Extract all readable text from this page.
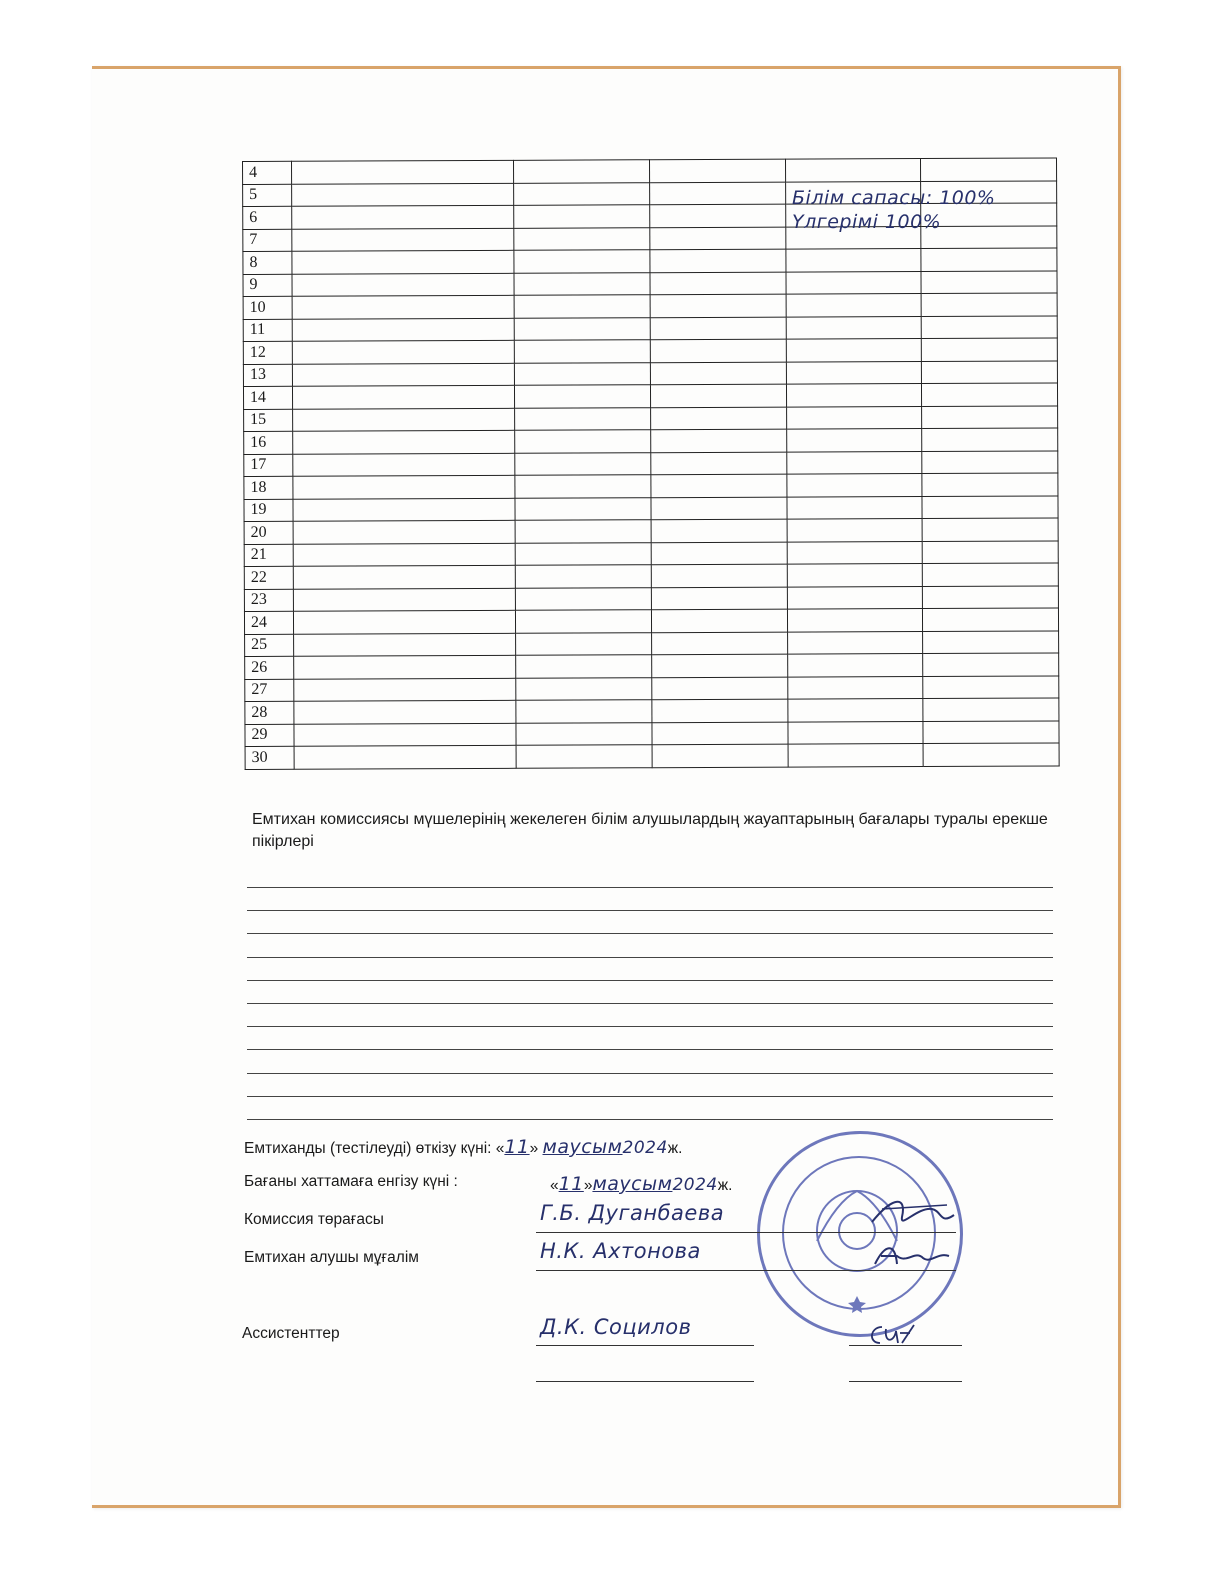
4					
5					
6					
7					
8					
9					
10					
11					
12					
13					
14					
15					
16					
17					
18					
19					
20					
21					
22					
23					
24					
25					
26					
27					
28					
29					
30					
Білім сапасы: 100%
Үлгерімі 100%
Емтихан комиссиясы мүшелерінің жекелеген білім алушылардың жауаптарының бағалары туралы ерекше пікірлері
Емтиханды (тестілеуді) өткізу күні: «11» маусым2024ж.
Бағаны хаттамаға енгізу күні :	«11»маусым2024ж.
Комиссия төрағасы	Г.Б. Дуганбаева
Емтихан алушы мұғалім	Н.К. Ахтонова
Ассистенттер	Д.К. Социлов
